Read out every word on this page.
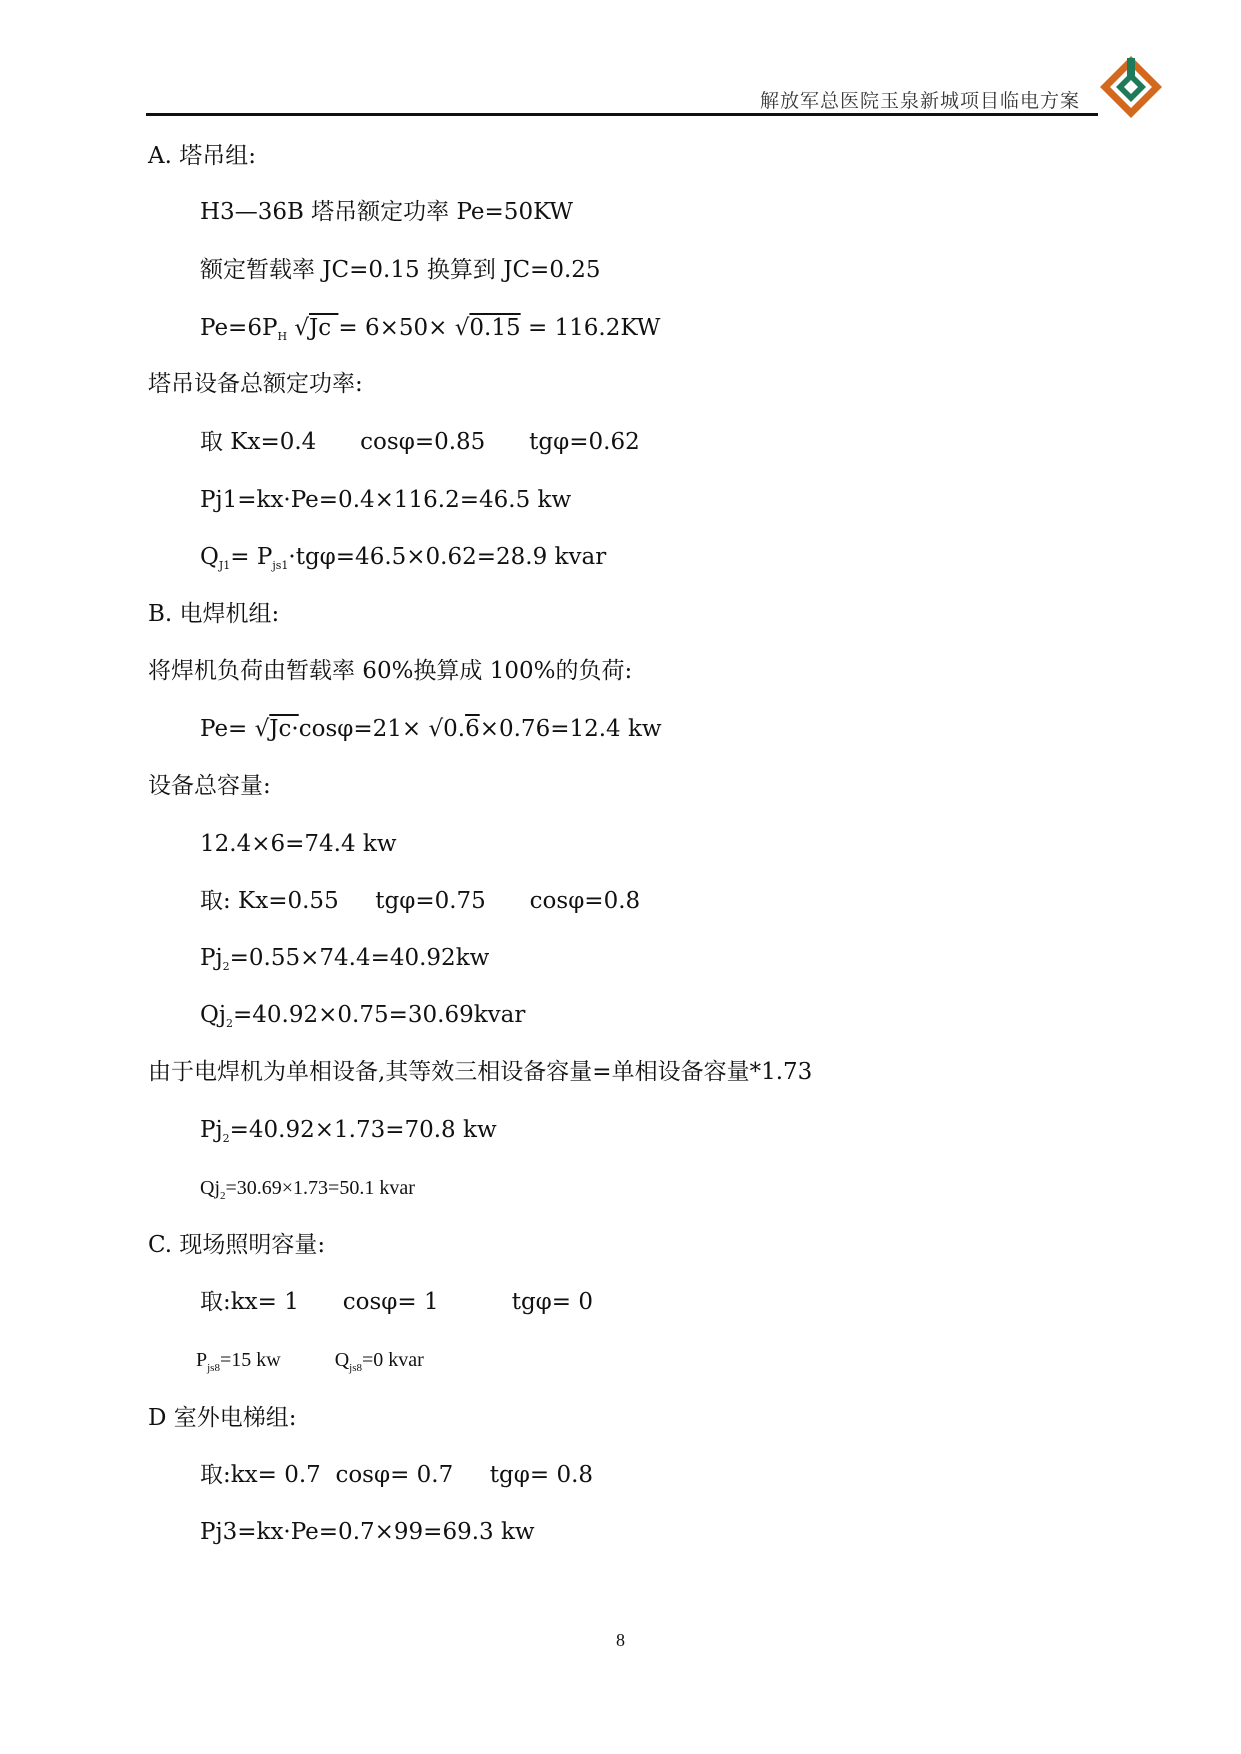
解放军总医院玉泉新城项目临电方案
A. 塔吊组:
H3—36B 塔吊额定功率 Pe=50KW
额定暂载率 JC=0.15 换算到 JC=0.25
$Pe=6P_H$ √Jc = 6×50× √0.15 = 116.2KW
塔吊设备总额定功率:
取 Kx=0.4      cosφ=0.85      tgφ=0.62
Pj1=kx·Pe=0.4×116.2=46.5 kw
$Q_{J1}= P_{js1}\cdot tg\varphi=46.5\times 0.62=28.9$ kvar
B. 电焊机组:
将焊机负荷由暂载率 60%换算成 100%的负荷:
Pe= √Jc·cosφ=21× √0.6×0.76=12.4 kw
设备总容量:
12.4×6=74.4 kw
取: Kx=0.55     tgφ=0.75      cosφ=0.8
$Pj_2=0.55\times 74.4=40.92kw$
$Qj_2=40.92\times 0.75=30.69kvar$
由于电焊机为单相设备,其等效三相设备容量=单相设备容量*1.73
$Pj_2=40.92\times 1.73=70.8$ kw
$Qj_2=30.69\times 1.73=50.1$ kvar
C. 现场照明容量:
取:kx= 1      cosφ= 1          tgφ= 0
$P_{js8}=15$ kw	$Q_{js8}=0$ kvar
D 室外电梯组:
取:kx= 0.7  cosφ= 0.7     tgφ= 0.8
Pj3=kx·Pe=0.7×99=69.3 kw
8
